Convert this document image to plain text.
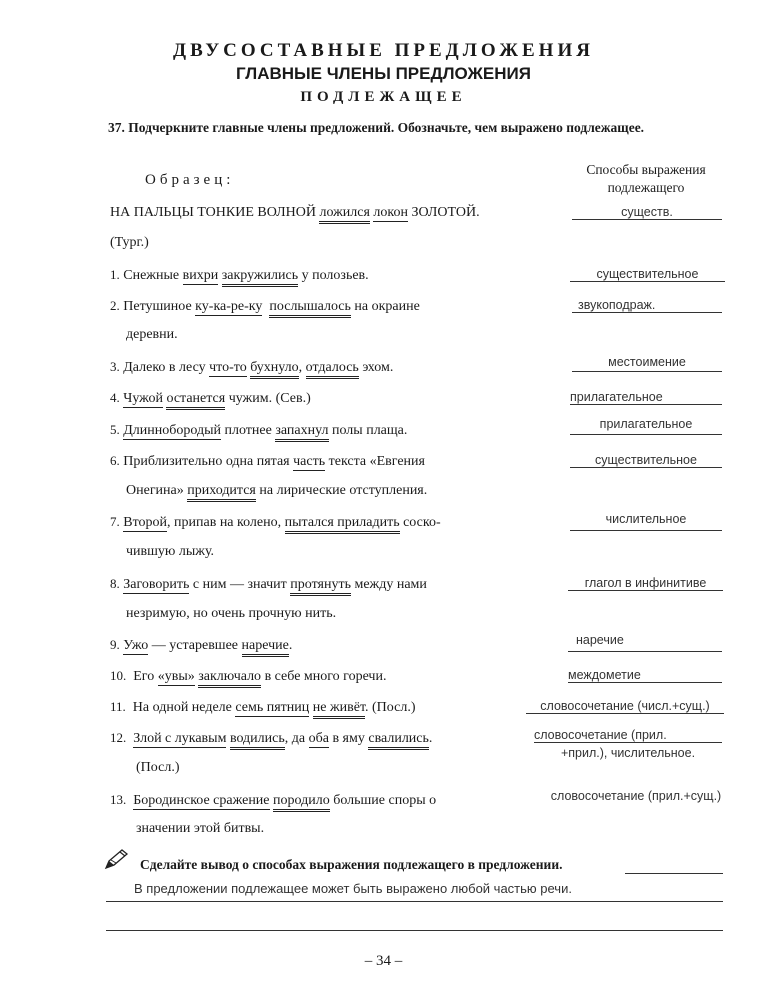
ДВУСОСТАВНЫЕ ПРЕДЛОЖЕНИЯ
ГЛАВНЫЕ ЧЛЕНЫ ПРЕДЛОЖЕНИЯ
ПОДЛЕЖАЩЕЕ
37. Подчеркните главные члены предложений. Обозначьте, чем выражено подлежащее.
Образец:
Способы выражения подлежащего
НА ПАЛЬЦЫ ТОНКИЕ ВОЛНОЙ ложился локон ЗОЛОТОЙ.
(Тург.)
существ.
1. Снежные вихри закружились у полозьев.	существительное
2. Петушиное ку-ка-ре-ку послышалось на окраине
деревни.
звукоподраж.
3. Далеко в лесу что-то бухнуло, отдалось эхом.	местоимение
4. Чужой останется чужим. (Сев.)	прилагательное
5. Длиннобородый плотнее запахнул полы плаща.	прилагательное
6. Приблизительно одна пятая часть текста «Евгения
Онегина» приходится на лирические отступления.
существительное
7. Второй, припав на колено, пытался приладить соско-
чившую лыжу.
числительное
8. Заговорить с ним — значит протянуть между нами
незримую, но очень прочную нить.
глагол в инфинитиве
9. Ужо — устаревшее наречие.	наречие
10. Его «увы» заключало в себе много горечи.	междометие
11. На одной неделе семь пятниц не живёт. (Посл.)	словосочетание (числ.+сущ.)
12. Злой с лукавым водились, да оба в яму свалились.
(Посл.)
словосочетание (прил.
+прил.), числительное.
13. Бородинское сражение породило большие споры о
значении этой битвы.
словосочетание (прил.+сущ.)
Сделайте вывод о способах выражения подлежащего в предложении.
В предложении подлежащее может быть выражено любой частью речи.
– 34 –
